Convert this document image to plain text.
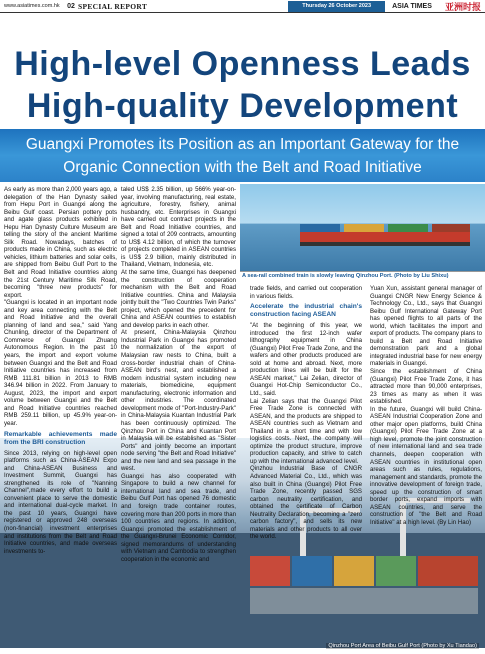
www.asiatimes.com.hk	02 SPECIAL REPORT	Thursday 26 October 2023	ASIA TIMES	亚洲时报
High-level Openness Leads
High-quality Development
Guangxi Promotes its Position as an Important Gateway for the
Organic Connection with the Belt and Road Initiative
A sea-rail combined train is slowly leaving Qinzhou Port. (Photo by Liu Shixu)
Qinzhou Port Area of Beibu Gulf Port (Photo by Xu Tiandao)

As early as more than 2,000 years ago, a delegation of the Han Dynasty sailed from Hepu Port in Guangxi along the Beibu Gulf coast. Persian pottery pots and agate glass products exhibited in Hepu Han Dynasty Culture Museum are telling the story of the ancient Maritime Silk Road. Nowadays, batches of products made in China, such as electric vehicles, lithium batteries and solar cells, are shipped from Beibu Gulf Port to the Belt and Road Initiative countries along the 21st Century Maritime Silk Road, becoming "three new products" for export.

"Guangxi is located in an important node and key area connecting with the Belt and Road Initiative and the overall planning of land and sea," said Yang Chunling, director of the Department of Commerce of Guangxi Zhuang Autonomous Region. In the past 10 years, the import and export volume between Guangxi and the Belt and Road Initiative countries has increased from RMB 111.81 billion in 2013 to RMB 346.94 billion in 2022. From January to August, 2023, the import and export volume between Guangxi and the Belt and Road Initiative countries reached RMB 259.11 billion, up 45.9% year-on-year.

Remarkable achievements made from the BRI construction

Since 2013, relying on high-level open platforms such as China-ASEAN Expo and China-ASEAN Business and Investment Summit, Guangxi has strengthened its role of "Nanning Channel",made every effort to build a convenient place to serve the domestic and international dual-cycle market. In the past 10 years, Guangxi have registered or approved 248 overseas (non-financial) investment enterprises and institutions from the Belt and Road Initiative countries, and made overseas investments to-

taled US$ 2.35 billion, up 566% year-on-year, involving manufacturing, real estate, agriculture, forestry, fishery, animal husbandry, etc. Enterprises in Guangxi have carried out contract projects in the Belt and Road Initiative countries, and signed a total of 209 contracts, amounting to US$ 4.12 billion, of which the turnover of projects completed in ASEAN countries is US$ 2.9 billion, mainly distributed in Thailand, Vietnam, Indonesia, etc.

At the same time, Guangxi has deepened the construction of cooperation mechanism with the Belt and Road Initiative countries. China and Malaysia jointly built the "Two Countries Twin Parks" project, which opened the precedent for China and ASEAN countries to establish and develop parks in each other.

At present, China-Malaysia Qinzhou Industrial Park in Guangxi has promoted the normalization of the export of Malaysian raw nests to China, built a cross-border industrial chain of China-ASEAN bird's nest, and established a modern industrial system including new materials, biomedicine, equipment manufacturing, electronic information and other industries. The coordinated development mode of "Port-Industry-Park" in China-Malaysia Kuantan Industrial Park has been continuously optimized. The Qinzhou Port in China and Kuantan Port in Malaysia will be established as "Sister Ports" and jointly become an important node serving "the Belt and Road Initiative" and the new land and sea passage in the west.

Guangxi has also cooperated with Singapore to build a new channel for international land and sea trade, and Beibu Gulf Port has opened 76 domestic and foreign trade container routes, covering more than 200 ports in more than 100 countries and regions. In addition, Guangxi promoted the establishment of the Guangxi-Brunei Economic Corridor, signed memorandums of understanding with Vietnam and Cambodia to strengthen cooperation in the economic and

trade fields, and carried out cooperation in various fields.

Accelerate the industrial chain's construction facing ASEAN

"At the beginning of this year, we introduced the first 12-inch wafer lithography equipment in China (Guangxi) Pilot Free Trade Zone, and the wafers and other products produced are sold at home and abroad. Next, more production lines will be built for the ASEAN market," Lai Zelian, director of Guangxi Hot-Chip Semiconductor Co., Ltd., said.

Lai Zelian says that the Guangxi Pilot Free Trade Zone is connected with ASEAN, and the products are shipped to ASEAN countries such as Vietnam and Thailand in a short time and with low logistics costs. Next, the company will optimize the product structure, improve production capacity, and strive to catch up with the international advanced level.

Qinzhou Industrial Base of CNGR Advanced Material Co., Ltd., which was also built in China (Guangxi) Pilot Free Trade Zone, recently passed SGS carbon neutrality certification, and obtained the certificate of Carbon Neutrality Declaration, becoming a "zero carbon factory", and sells its new materials and other products to all over the world.

Yuan Xun, assistant general manager of Guangxi CNGR New Energy Science & Technology Co., Ltd., says that Guangxi Beibu Gulf International Gateway Port has opened flights to all parts of the world, which facilitates the import and export of products. The company plans to build a Belt and Road Initiative demonstration park and a global integrated industrial base for new energy materials in Guangxi.

Since the establishment of China (Guangxi) Pilot Free Trade Zone, it has attracted more than 90,000 enterprises, 23 times as many as when it was established.

In the future, Guangxi will build China-ASEAN Industrial Cooperation Zone and other major open platforms, build China (Guangxi) Pilot Free Trade Zone at a high level, promote the joint construction of new international land and sea trade channels, deepen cooperation with ASEAN countries in institutional open areas such as rules, regulations, management and standards, promote the innovative development of foreign trade, speed up the construction of smart border ports, expand imports with ASEAN countries, and serve the construction of "the Belt and Road Initiative" at a high level. (By Lin Hao)
